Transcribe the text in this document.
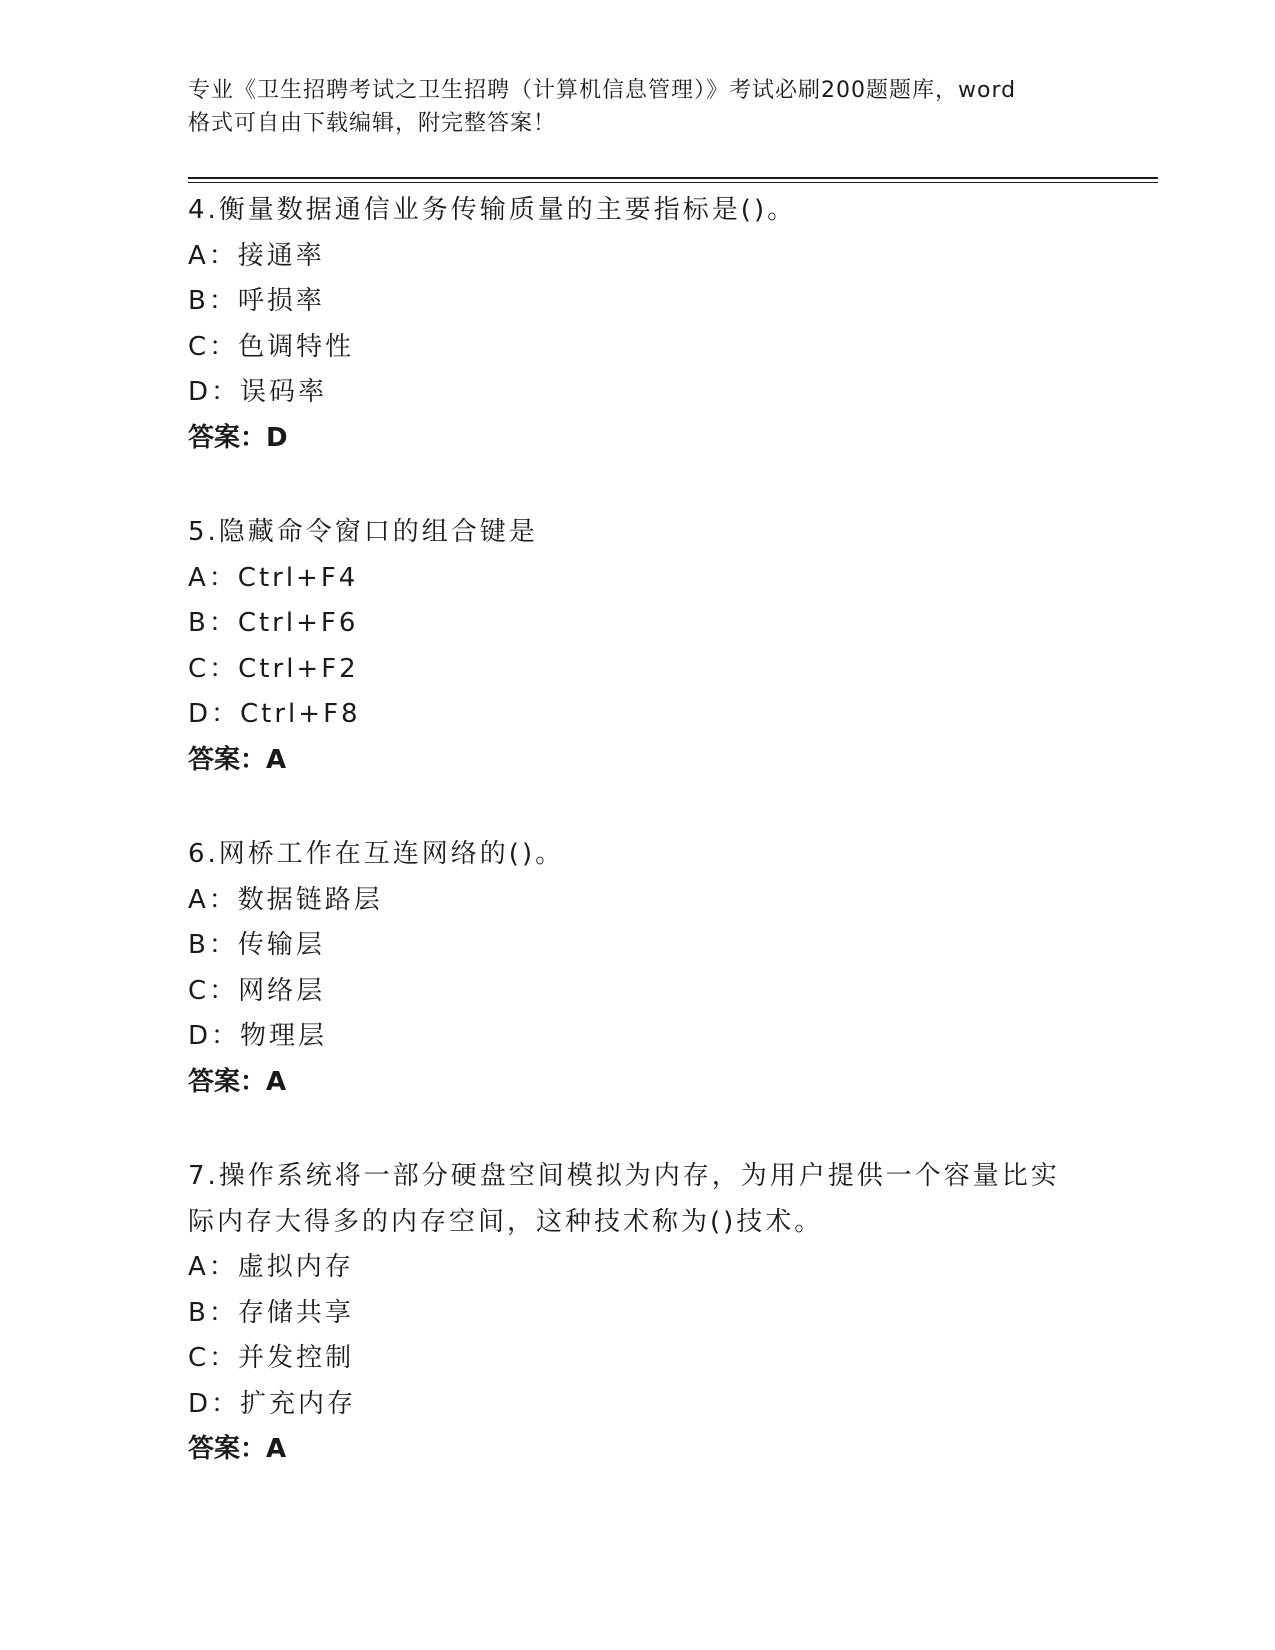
专业《卫生招聘考试之卫生招聘（计算机信息管理）》考试必刷200题题库，word
格式可自由下载编辑，附完整答案！
4.衡量数据通信业务传输质量的主要指标是()。
A：接通率
B：呼损率
C：色调特性
D：误码率
答案：D
5.隐藏命令窗口的组合键是
A：Ctrl+F4
B：Ctrl+F6
C：Ctrl+F2
D：Ctrl+F8
答案：A
6.网桥工作在互连网络的()。
A：数据链路层
B：传输层
C：网络层
D：物理层
答案：A
7.操作系统将一部分硬盘空间模拟为内存，为用户提供一个容量比实
际内存大得多的内存空间，这种技术称为()技术。
A：虚拟内存
B：存储共享
C：并发控制
D：扩充内存
答案：A
